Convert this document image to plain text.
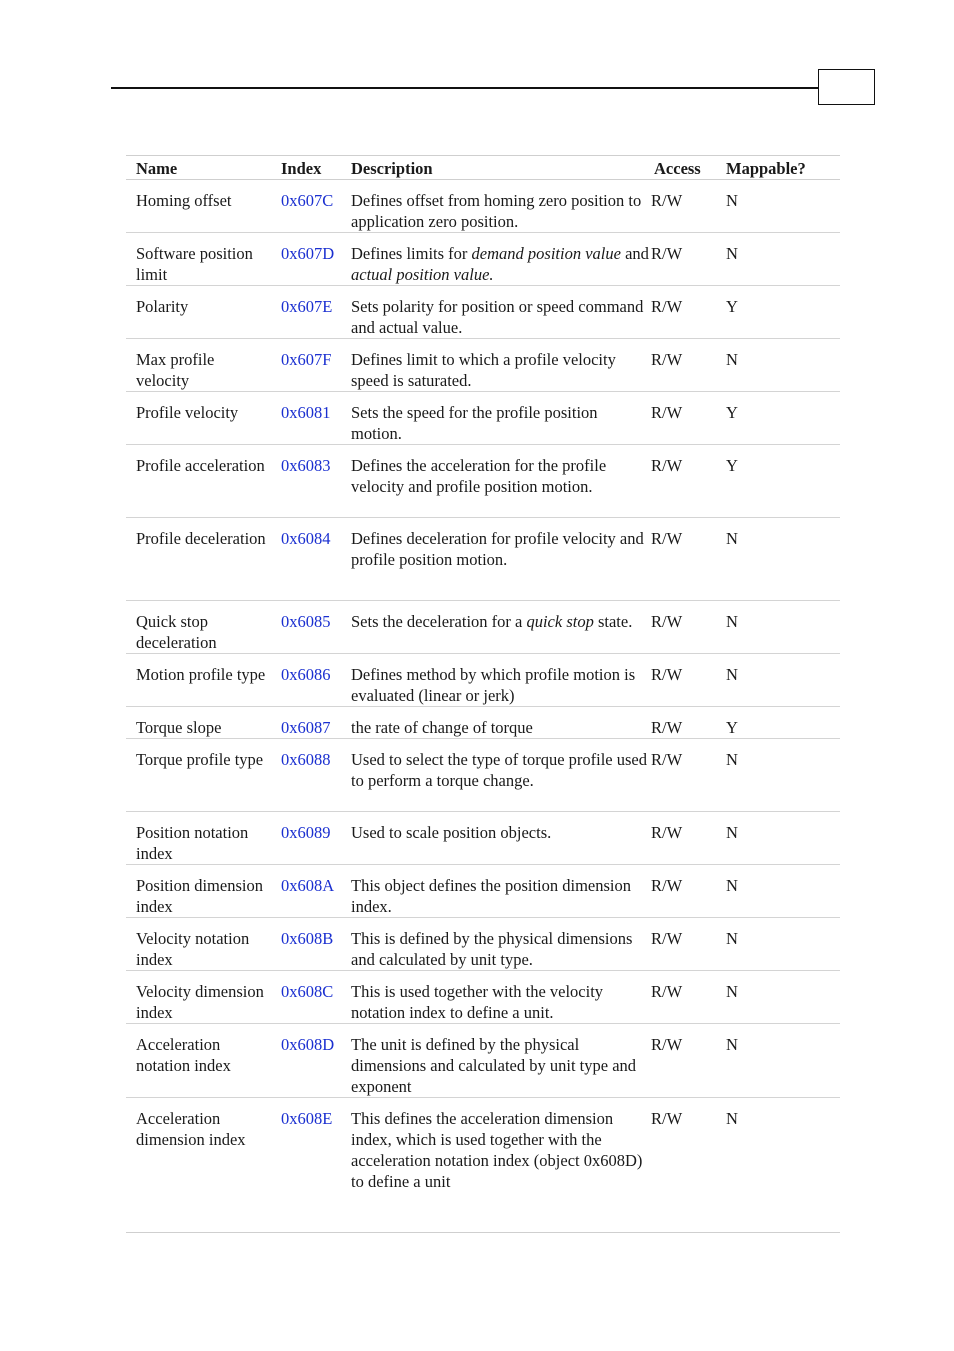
Name	Index	Description	Access	Mappable?

Homing offset	0x607C	Defines offset from homing zero position to application zero position.	R/W	N

Software position limit	0x607D	Defines limits for demand position value and actual position value.	R/W	N

Polarity	0x607E	Sets polarity for position or speed command and actual value.	R/W	Y

Max profile velocity	0x607F	Defines limit to which a profile velocity speed is saturated.	R/W	N

Profile velocity	0x6081	Sets the speed for the profile position motion.	R/W	Y

Profile acceleration	0x6083	Defines the acceleration for the profile velocity and profile position motion.	R/W	Y

Profile deceleration	0x6084	Defines deceleration for profile velocity and profile position motion.	R/W	N

Quick stop deceleration	0x6085	Sets the deceleration for a quick stop state.	R/W	N

Motion profile type	0x6086	Defines method by which profile motion is evaluated (linear or jerk)	R/W	N

Torque slope	0x6087	the rate of change of torque	R/W	Y

Torque profile type	0x6088	Used to select the type of torque profile used to perform a torque change.	R/W	N

Position notation index	0x6089	Used to scale position objects.	R/W	N

Position dimension index	0x608A	This object defines the position dimension index.	R/W	N

Velocity notation index	0x608B	This is defined by the physical dimensions and calculated by unit type.	R/W	N

Velocity dimension index	0x608C	This is used together with the velocity notation index to define a unit.	R/W	N

Acceleration notation index	0x608D	The unit is defined by the physical dimensions and calculated by unit type and exponent	R/W	N

Acceleration dimension index	0x608E	This defines the acceleration dimension index, which is used together with the acceleration notation index (object 0x608D) to define a unit	R/W	N
